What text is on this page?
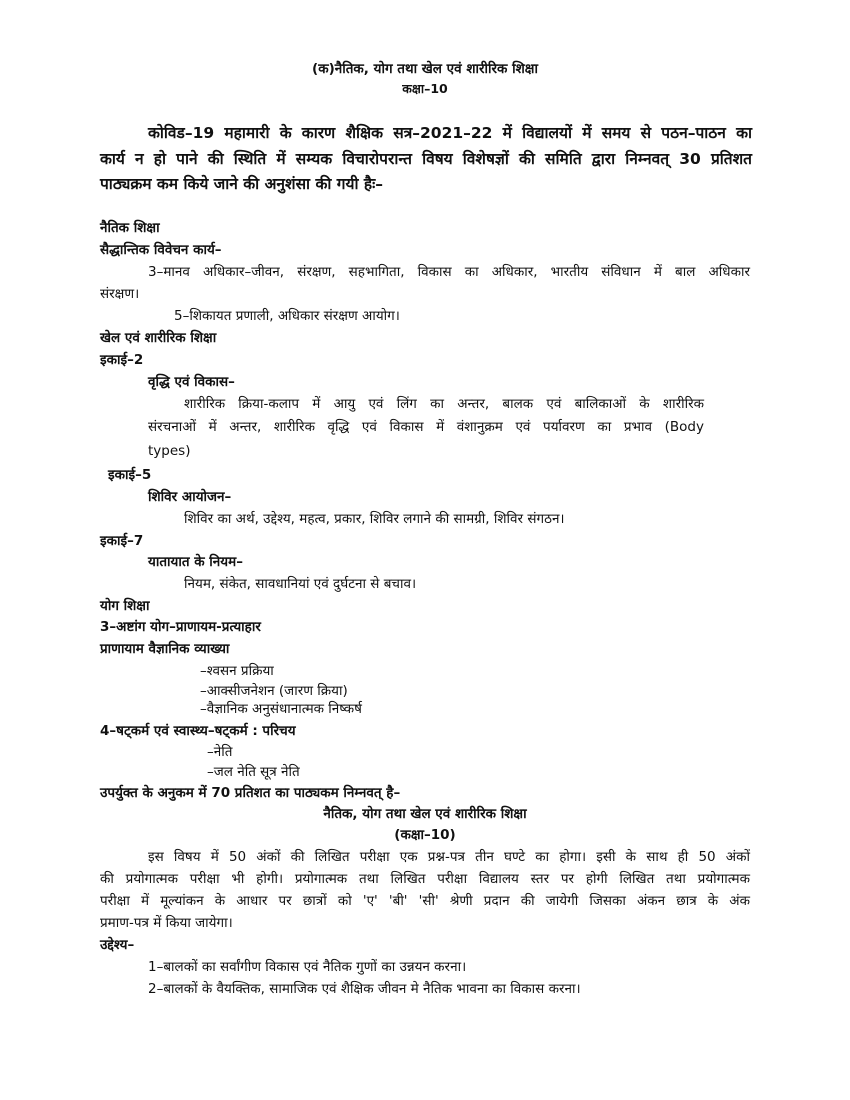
(क)नैतिक, योग तथा खेल एवं शारीरिक शिक्षा
कक्षा–10
कोविड–19 महामारी के कारण शैक्षिक सत्र–2021–22 में विद्यालयों में समय से पठन–पाठन का
कार्य न हो पाने की स्थिति में सम्यक विचारोपरान्त विषय विशेषज्ञों की समिति द्वारा निम्नवत् 30 प्रतिशत
पाठ्यक्रम कम किये जाने की अनुशंसा की गयी हैः–
नैतिक शिक्षा
सैद्धान्तिक विवेचन कार्य–
3–मानव अधिकार–जीवन, संरक्षण, सहभागिता, विकास का अधिकार, भारतीय संविधान में बाल अधिकार
संरक्षण।
5–शिकायत प्रणाली, अधिकार संरक्षण आयोग।
खेल एवं शारीरिक शिक्षा
इकाई–2
वृद्धि एवं विकास–
शारीरिक क्रिया-कलाप में आयु एवं लिंग का अन्तर, बालक एवं बालिकाओं के शारीरिक
संरचनाओं में अन्तर, शारीरिक वृद्धि एवं विकास में वंशानुक्रम एवं पर्यावरण का प्रभाव (Body
types)
इकाई–5
शिविर आयोजन–
शिविर का अर्थ, उद्देश्य, महत्व, प्रकार, शिविर लगाने की सामग्री, शिविर संगठन।
इकाई–7
यातायात के नियम–
नियम, संकेत, सावधानियां एवं दुर्घटना से बचाव।
योग शिक्षा
3–अष्टांग योग–प्राणायम-प्रत्याहार
प्राणायाम वैज्ञानिक व्याख्या
–श्वसन प्रक्रिया
–आक्सीजनेशन (जारण क्रिया)
–वैज्ञानिक अनुसंधानात्मक निष्कर्ष
4–षट्कर्म एवं स्वास्थ्य–षट्कर्म : परिचय
–नेति
–जल नेति सूत्र नेति
उपर्युक्त के अनुकम में 70 प्रतिशत का पाठ्यकम निम्नवत् है–
नैतिक, योग तथा खेल एवं शारीरिक शिक्षा
(कक्षा–10)
इस विषय में 50 अंकों की लिखित परीक्षा एक प्रश्न-पत्र तीन घण्टे का होगा। इसी के साथ ही 50 अंकों
की प्रयोगात्मक परीक्षा भी होगी। प्रयोगात्मक तथा लिखित परीक्षा विद्यालय स्तर पर होगी लिखित तथा प्रयोगात्मक
परीक्षा में मूल्यांकन के आधार पर छात्रों को 'ए' 'बी' 'सी' श्रेणी प्रदान की जायेगी जिसका अंकन छात्र के अंक
प्रमाण-पत्र में किया जायेगा।
उद्देश्य–
1–बालकों का सर्वांगीण विकास एवं नैतिक गुणों का उन्नयन करना।
2–बालकों के वैयक्तिक, सामाजिक एवं शैक्षिक जीवन मे नैतिक भावना का विकास करना।
